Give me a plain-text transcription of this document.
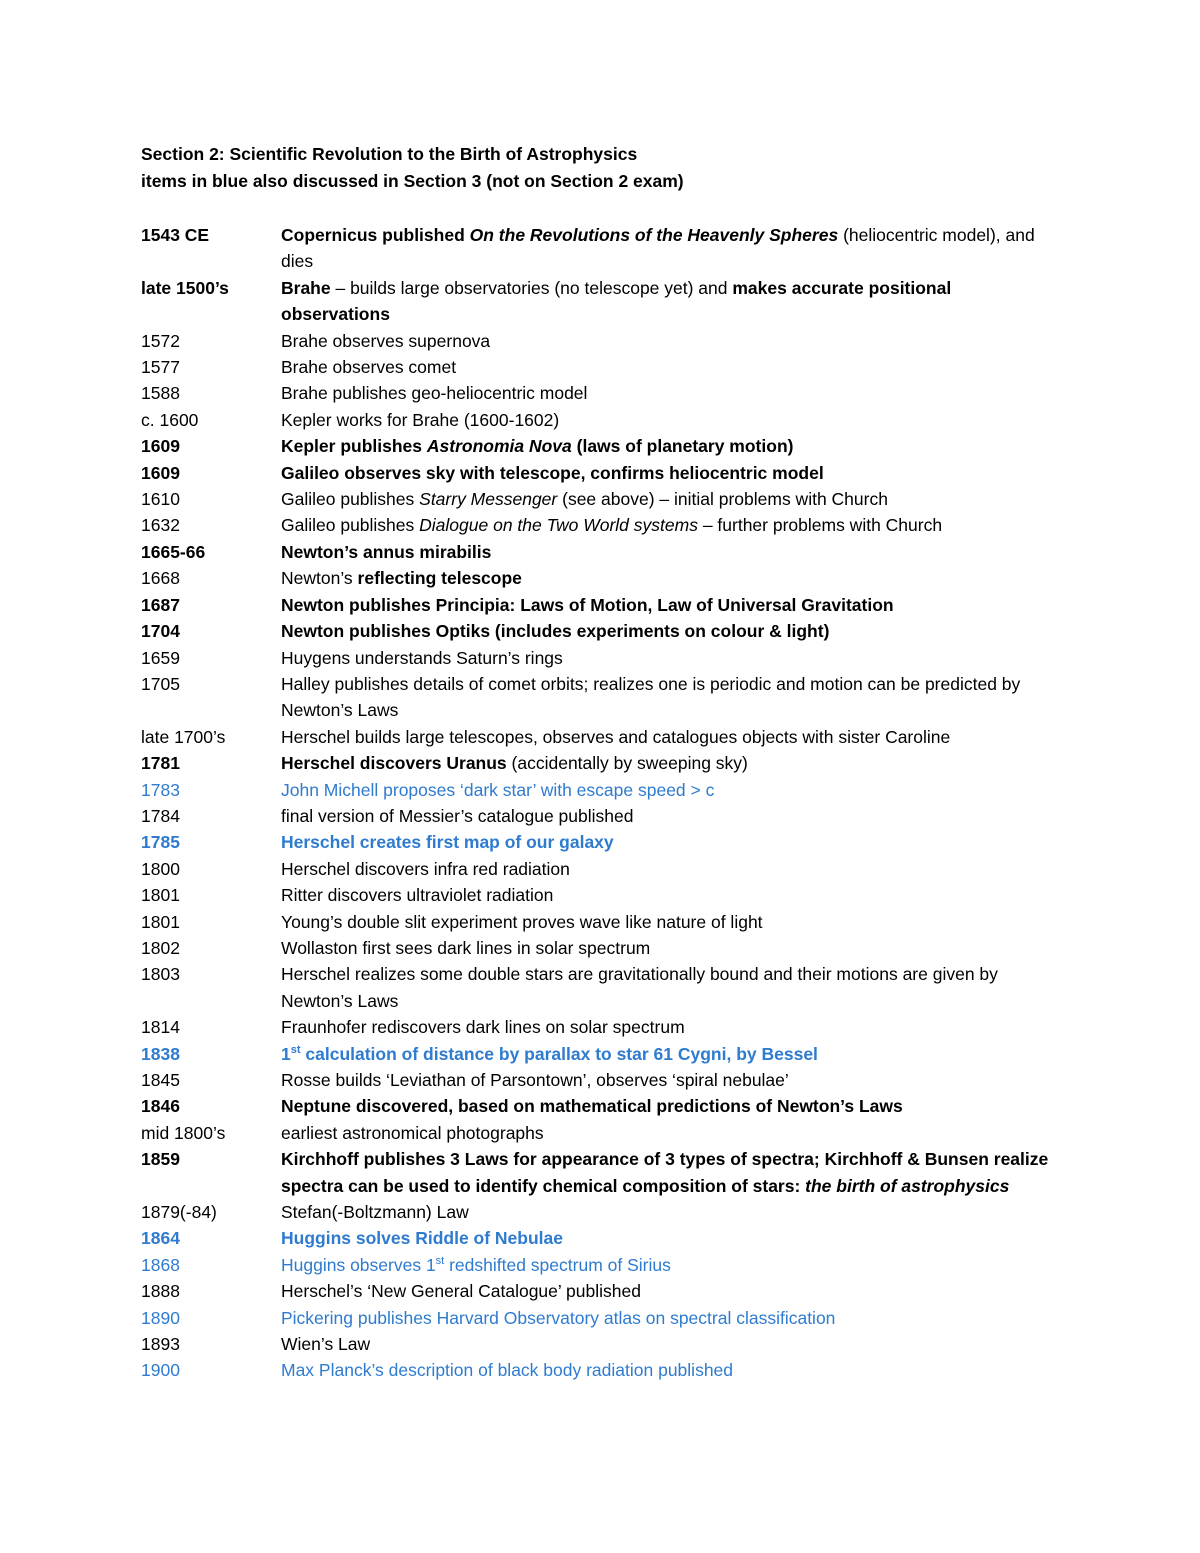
Section 2: Scientific Revolution to the Birth of Astrophysics

items in blue also discussed in Section 3 (not on Section 2 exam)

1543 CE	Copernicus published On the Revolutions of the Heavenly Spheres (heliocentric model), and dies
late 1500’s	Brahe – builds large observatories (no telescope yet) and makes accurate positional observations
1572	Brahe observes supernova
1577	Brahe observes comet
1588	Brahe publishes geo-heliocentric model
c. 1600	Kepler works for Brahe (1600-1602)
1609	Kepler publishes Astronomia Nova (laws of planetary motion)
1609	Galileo observes sky with telescope, confirms heliocentric model
1610	Galileo publishes Starry Messenger (see above) – initial problems with Church
1632	Galileo publishes Dialogue on the Two World systems – further problems with Church
1665-66	Newton’s annus mirabilis
1668	Newton’s reflecting telescope
1687	Newton publishes Principia: Laws of Motion, Law of Universal Gravitation
1704	Newton publishes Optiks (includes experiments on colour & light)
1659	Huygens understands Saturn’s rings
1705	Halley publishes details of comet orbits; realizes one is periodic and motion can be predicted by Newton’s Laws
late 1700’s	Herschel builds large telescopes, observes and catalogues objects with sister Caroline
1781	Herschel discovers Uranus (accidentally by sweeping sky)
1783	John Michell proposes ‘dark star’ with escape speed > c
1784	final version of Messier’s catalogue published
1785	Herschel creates first map of our galaxy
1800	Herschel discovers infra red radiation
1801	Ritter discovers ultraviolet radiation
1801	Young’s double slit experiment proves wave like nature of light
1802	Wollaston first sees dark lines in solar spectrum
1803	Herschel realizes some double stars are gravitationally bound and their motions are given by Newton’s Laws
1814	Fraunhofer rediscovers dark lines on solar spectrum
1838	1st calculation of distance by parallax to star 61 Cygni, by Bessel
1845	Rosse builds ‘Leviathan of Parsontown’, observes ‘spiral nebulae’
1846	Neptune discovered, based on mathematical predictions of Newton’s Laws
mid 1800’s	earliest astronomical photographs
1859	Kirchhoff publishes 3 Laws for appearance of 3 types of spectra; Kirchhoff & Bunsen realize spectra can be used to identify chemical composition of stars: the birth of astrophysics
1879(-84)	Stefan(-Boltzmann) Law
1864	Huggins solves Riddle of Nebulae
1868	Huggins observes 1st redshifted spectrum of Sirius
1888	Herschel’s ‘New General Catalogue’ published
1890	Pickering publishes Harvard Observatory atlas on spectral classification
1893	Wien’s Law
1900	Max Planck’s description of black body radiation published
